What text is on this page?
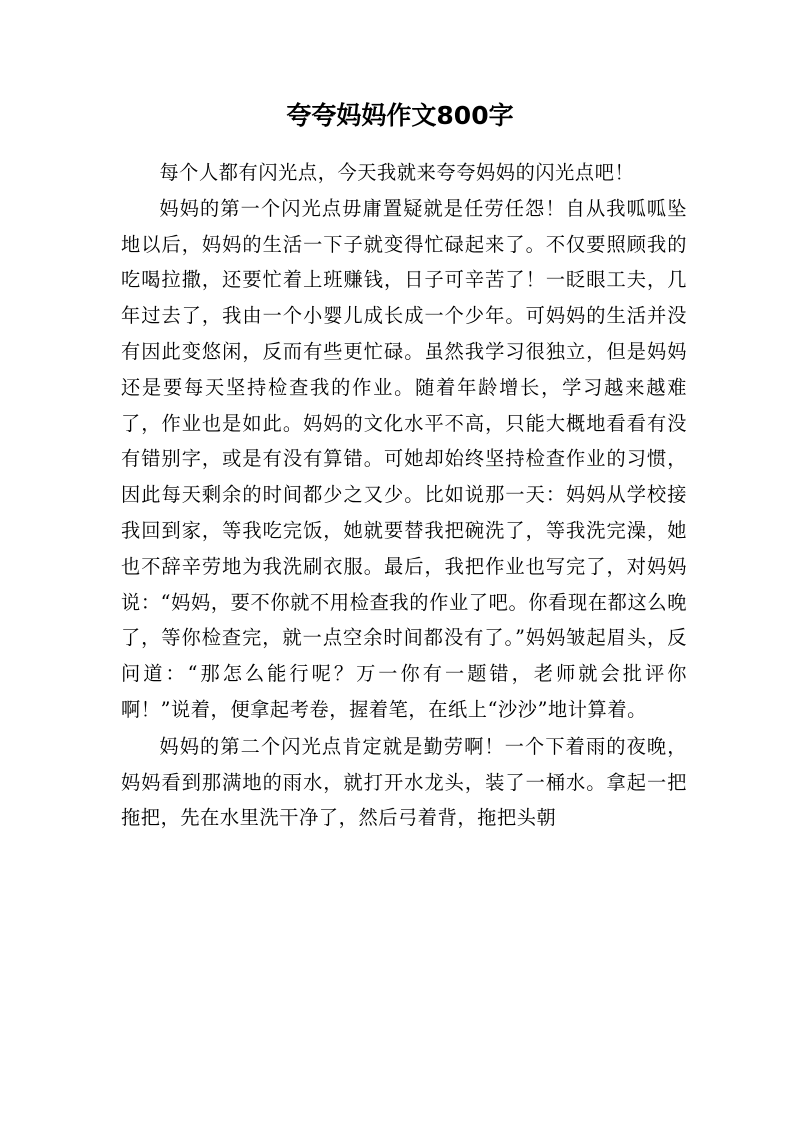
夸夸妈妈作文800字

每个人都有闪光点，今天我就来夸夸妈妈的闪光点吧！

妈妈的第一个闪光点毋庸置疑就是任劳任怨！自从我呱呱坠地以后，妈妈的生活一下子就变得忙碌起来了。不仅要照顾我的吃喝拉撒，还要忙着上班赚钱，日子可辛苦了！一眨眼工夫，几年过去了，我由一个小婴儿成长成一个少年。可妈妈的生活并没有因此变悠闲，反而有些更忙碌。虽然我学习很独立，但是妈妈还是要每天坚持检查我的作业。随着年龄增长，学习越来越难了，作业也是如此。妈妈的文化水平不高，只能大概地看看有没有错别字，或是有没有算错。可她却始终坚持检查作业的习惯，因此每天剩余的时间都少之又少。比如说那一天：妈妈从学校接我回到家，等我吃完饭，她就要替我把碗洗了，等我洗完澡，她也不辞辛劳地为我洗刷衣服。最后，我把作业也写完了，对妈妈说：“妈妈，要不你就不用检查我的作业了吧。你看现在都这么晚了，等你检查完，就一点空余时间都没有了。”妈妈皱起眉头，反问道：“那怎么能行呢？万一你有一题错，老师就会批评你啊！”说着，便拿起考卷，握着笔，在纸上“沙沙”地计算着。

妈妈的第二个闪光点肯定就是勤劳啊！一个下着雨的夜晚，妈妈看到那满地的雨水，就打开水龙头，装了一桶水。拿起一把拖把，先在水里洗干净了，然后弓着背，拖把头朝
